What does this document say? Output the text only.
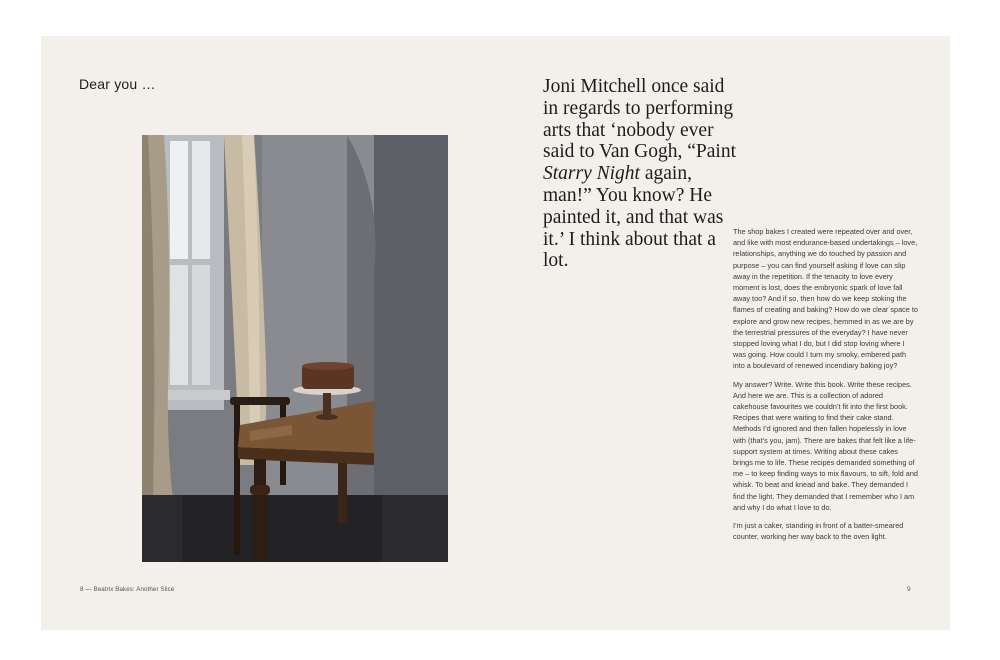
Dear you …	Joni Mitchell once said in regards to performing arts that ‘nobody ever said to Van Gogh, “Paint Starry Night again, man!” You know? He painted it, and that was it.’ I think about that a lot.

The shop bakes I created were repeated over and over, and like with most endurance-based undertakings – love, relationships, anything we do touched by passion and purpose – you can find yourself asking if love can slip away in the repetition. If the tenacity to love every moment is lost, does the embryonic spark of love fall away too? And if so, then how do we keep stoking the flames of creating and baking? How do we clear space to explore and grow new recipes, hemmed in as we are by the terrestrial pressures of the everyday? I have never stopped loving what I do, but I did stop loving where I was going. How could I turn my smoky, embered path into a boulevard of renewed incendiary baking joy?

My answer? Write. Write this book. Write these recipes. And here we are. This is a collection of adored cakehouse favourites we couldn’t fit into the first book. Recipes that were waiting to find their cake stand. Methods I’d ignored and then fallen hopelessly in love with (that’s you, jam). There are bakes that felt like a life-support system at times. Writing about these cakes brings me to life. These recipes demanded something of me – to keep finding ways to mix flavours, to sift, fold and whisk. To beat and knead and bake. They demanded I find the light. They demanded that I remember who I am and why I do what I love to do.

I’m just a caker, standing in front of a batter-smeared counter, working her way back to the oven light.

8 — Beatrix Bakes: Another Slice	9
